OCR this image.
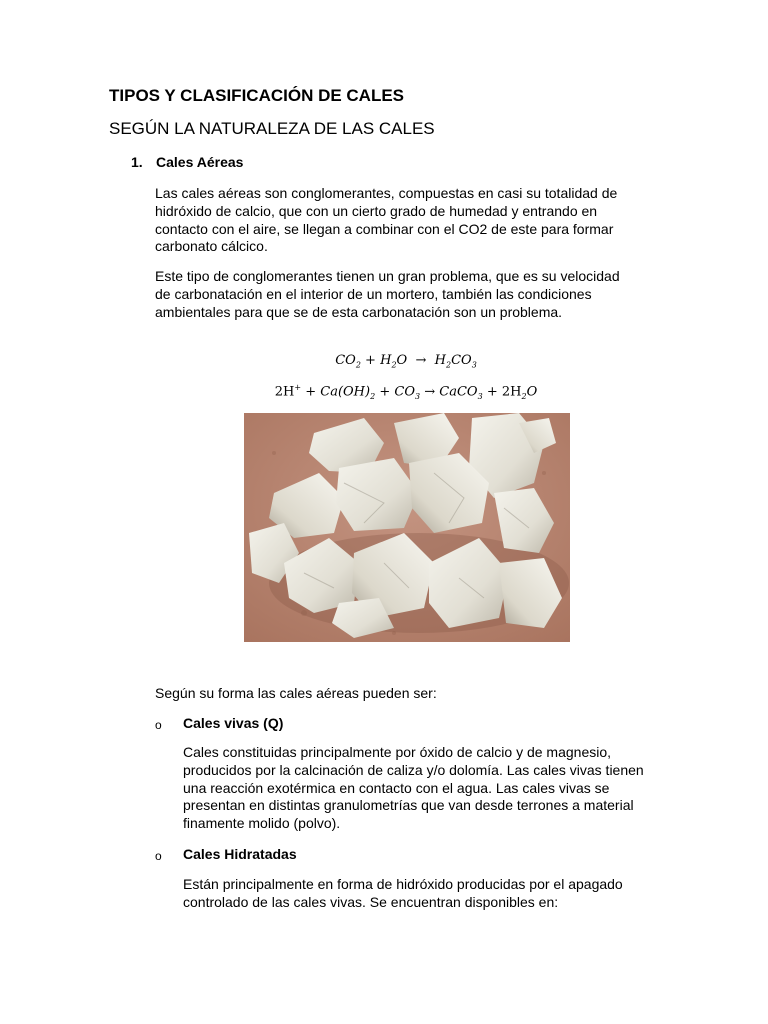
TIPOS Y CLASIFICACIÓN DE CALES
SEGÚN LA NATURALEZA DE LAS CALES
1. Cales Aéreas

Las cales aéreas son conglomerantes, compuestas en casi su totalidad de hidróxido de calcio, que con un cierto grado de humedad y entrando en contacto con el aire, se llegan a combinar con el CO2 de este para formar carbonato cálcico.

Este tipo de conglomerantes tienen un gran problema, que es su velocidad de carbonatación en el interior de un mortero, también las condiciones ambientales para que se de esta carbonatación son un problema.

$CO_2 + H_2O \to H_2CO_3$

$2H^+ + Ca(OH)_2 + CO_3$ → CaCO$_3$ + $2H_2O$

Según su forma las cales aéreas pueden ser:

o Cales vivas (Q)

Cales constituidas principalmente por óxido de calcio y de magnesio, producidos por la calcinación de caliza y/o dolomía. Las cales vivas tienen una reacción exotérmica en contacto con el agua. Las cales vivas se presentan en distintas granulometrías que van desde terrones a material finamente molido (polvo).

o Cales Hidratadas

Están principalmente en forma de hidróxido producidas por el apagado controlado de las cales vivas. Se encuentran disponibles en:
